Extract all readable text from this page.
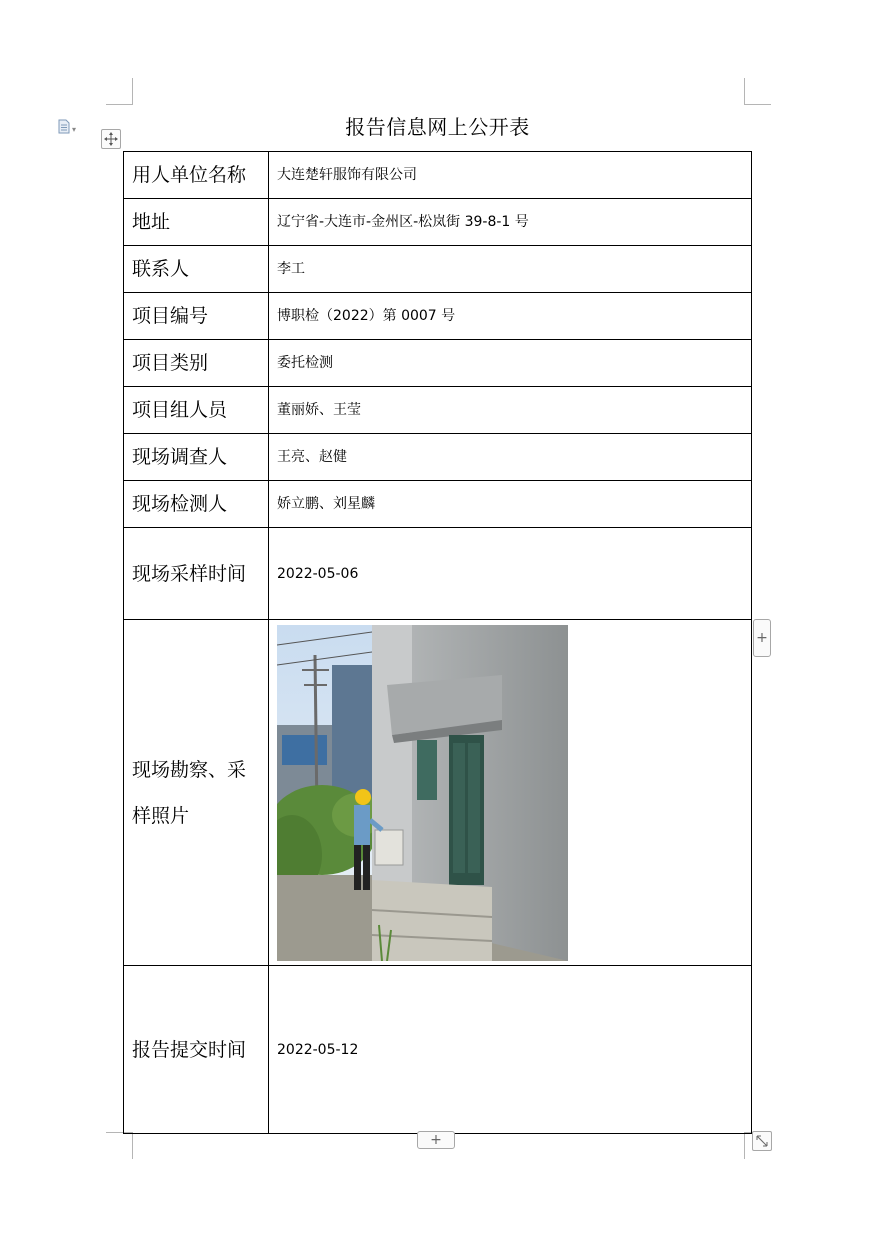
▾	报告信息网上公开表
用人单位名称	大连楚轩服饰有限公司
地址	辽宁省-大连市-金州区-松岚街 39-8-1 号
联系人	李工
项目编号	博职检（2022）第 0007 号
项目类别	委托检测
项目组人员	董丽娇、王莹
现场调查人	王亮、赵健
现场检测人	娇立鹏、刘星麟
现场采样时间	2022-05-06
现场勘察、采样照片	

报告提交时间	2022-05-12
+
+
